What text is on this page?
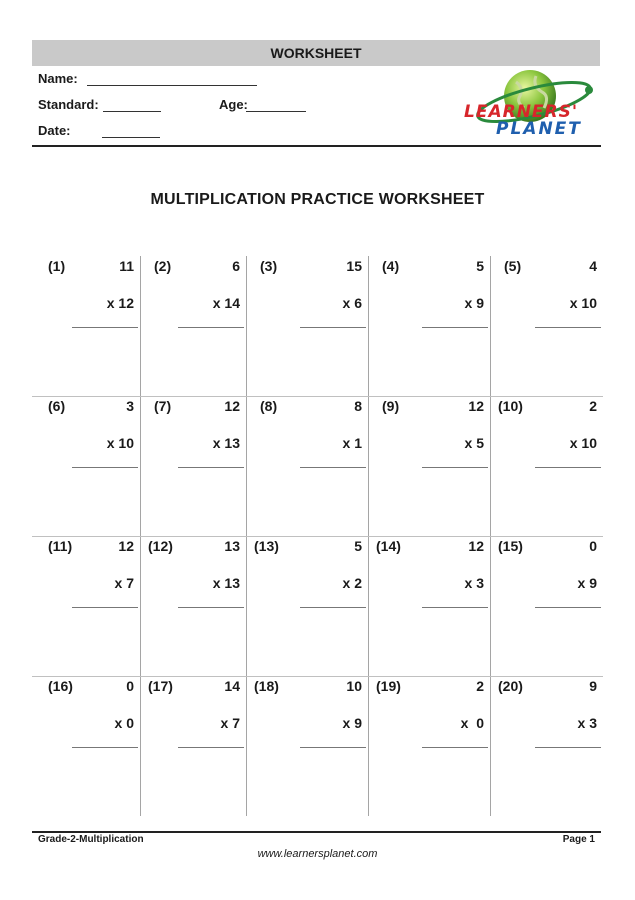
WORKSHEET
Name:
Standard:	Age:
Date:
LEARNERS'
PLANET
MULTIPLICATION PRACTICE WORKSHEET
(1)	11
x 12
(2)	6
x 14
(3)	15
x 6
(4)	5
x 9
(5)	4
x 10
(6)	3
x 10
(7)	12
x 13
(8)	8
x 1
(9)	12
x 5
(10)	2
x 10
(11)	12
x 7
(12)	13
x 13
(13)	5
x 2
(14)	12
x 3
(15)	0
x 9
(16)	0
x 0
(17)	14
x 7
(18)	10
x 9
(19)	2
x  0
(20)	9
x 3
Grade-2-Multiplication	Page 1
www.learnersplanet.com
